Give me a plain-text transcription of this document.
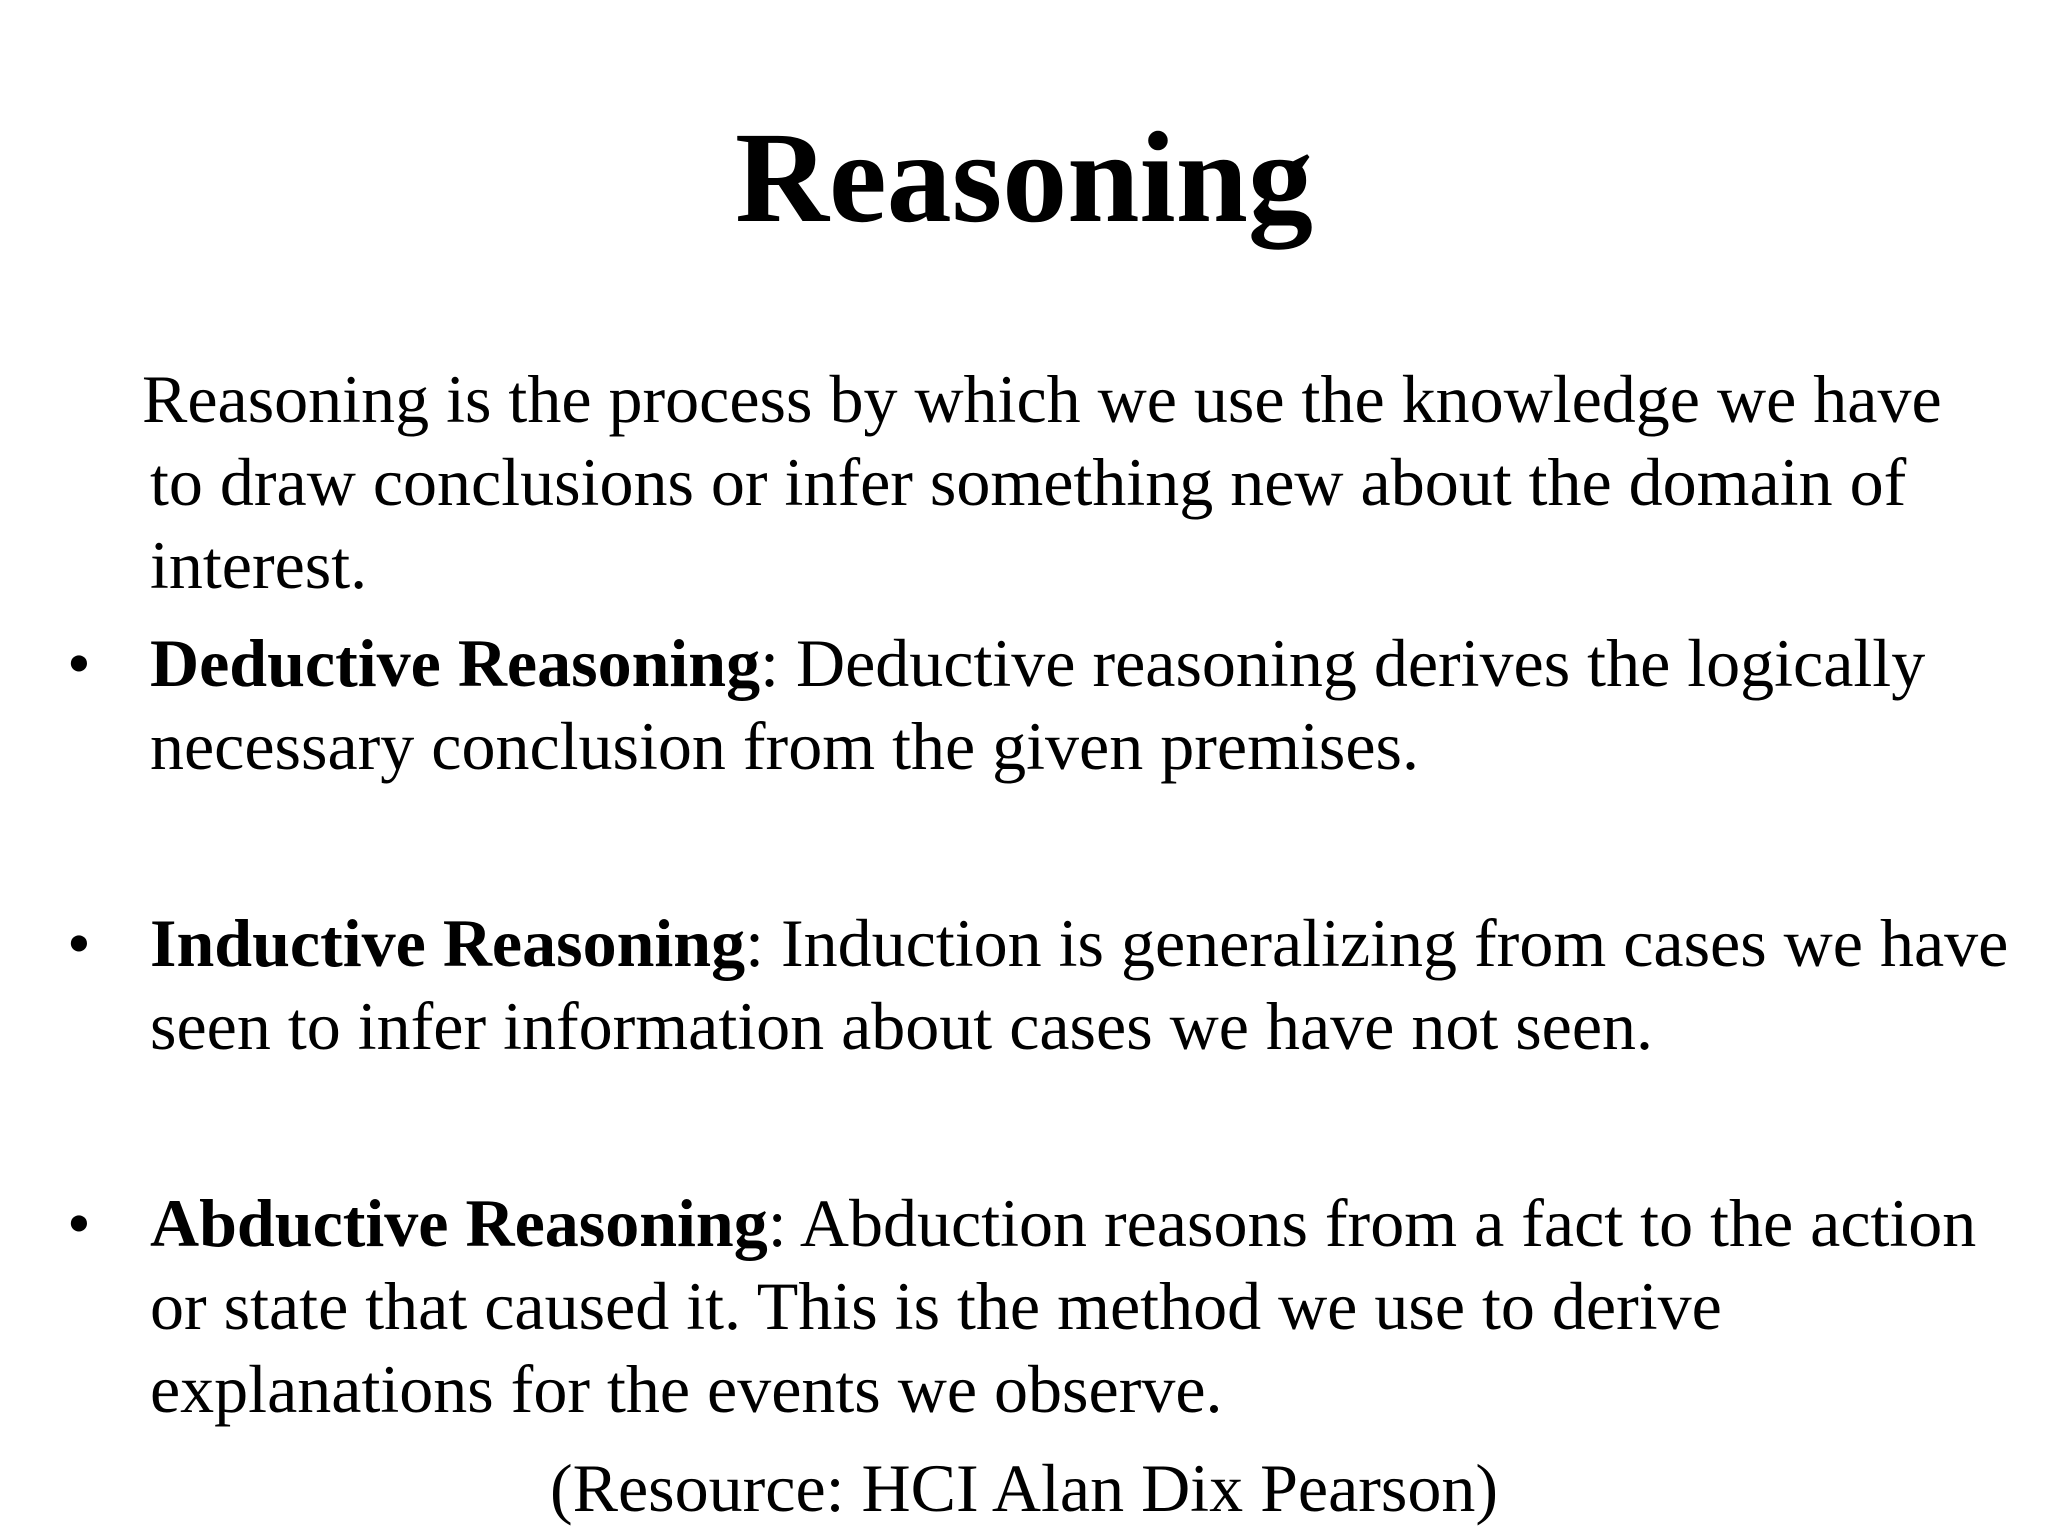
Reasoning

Reasoning is the process by which we use the knowledge we have to draw conclusions or infer something new about the domain of interest.

• Deductive Reasoning: Deductive reasoning derives the logically necessary conclusion from the given premises.
• Inductive Reasoning: Induction is generalizing from cases we have seen to infer information about cases we have not seen.
• Abductive Reasoning: Abduction reasons from a fact to the action or state that caused it. This is the method we use to derive explanations for the events we observe.

(Resource: HCI Alan Dix Pearson)
